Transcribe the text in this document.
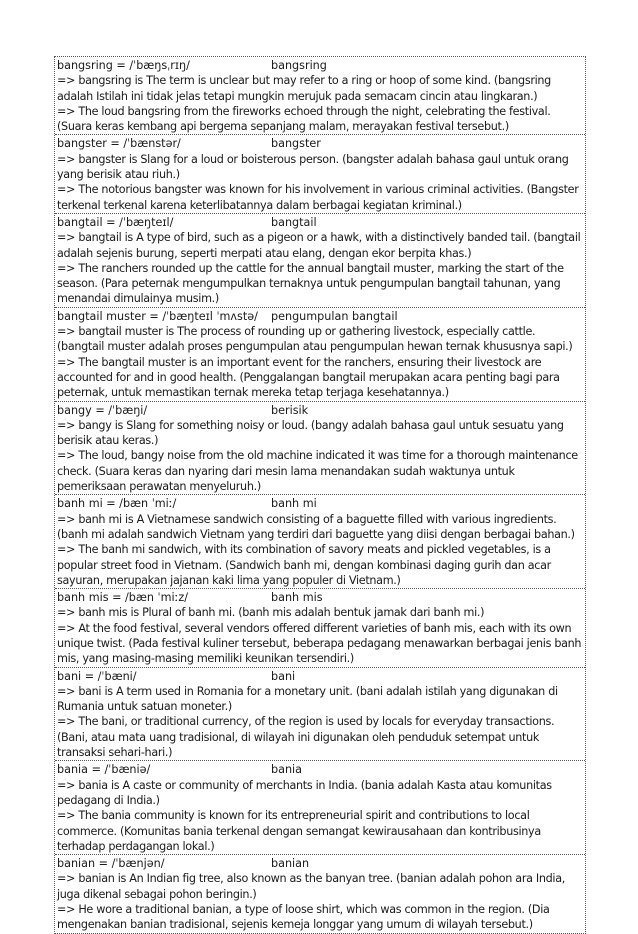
bangsring = /ˈbæŋsˌrɪŋ/	bangsring
=> bangsring is The term is unclear but may refer to a ring or hoop of some kind. (bangsring adalah Istilah ini tidak jelas tetapi mungkin merujuk pada semacam cincin atau lingkaran.)
=> The loud bangsring from the fireworks echoed through the night, celebrating the festival. (Suara keras kembang api bergema sepanjang malam, merayakan festival tersebut.)
bangster = /ˈbænstər/	bangster
=> bangster is Slang for a loud or boisterous person. (bangster adalah bahasa gaul untuk orang yang berisik atau riuh.)
=> The notorious bangster was known for his involvement in various criminal activities. (Bangster terkenal terkenal karena keterlibatannya dalam berbagai kegiatan kriminal.)
bangtail = /ˈbæŋteɪl/	bangtail
=> bangtail is A type of bird, such as a pigeon or a hawk, with a distinctively banded tail. (bangtail adalah sejenis burung, seperti merpati atau elang, dengan ekor berpita khas.)
=> The ranchers rounded up the cattle for the annual bangtail muster, marking the start of the season. (Para peternak mengumpulkan ternaknya untuk pengumpulan bangtail tahunan, yang menandai dimulainya musim.)
bangtail muster = /ˈbæŋteɪl ˈmʌstə/	pengumpulan bangtail
=> bangtail muster is The process of rounding up or gathering livestock, especially cattle. (bangtail muster adalah proses pengumpulan atau pengumpulan hewan ternak khususnya sapi.)
=> The bangtail muster is an important event for the ranchers, ensuring their livestock are accounted for and in good health. (Penggalangan bangtail merupakan acara penting bagi para peternak, untuk memastikan ternak mereka tetap terjaga kesehatannya.)
bangy = /ˈbæŋi/	berisik
=> bangy is Slang for something noisy or loud. (bangy adalah bahasa gaul untuk sesuatu yang berisik atau keras.)
=> The loud, bangy noise from the old machine indicated it was time for a thorough maintenance check. (Suara keras dan nyaring dari mesin lama menandakan sudah waktunya untuk pemeriksaan perawatan menyeluruh.)
banh mi = /bæn ˈmiː/	banh mi
=> banh mi is A Vietnamese sandwich consisting of a baguette filled with various ingredients. (banh mi adalah sandwich Vietnam yang terdiri dari baguette yang diisi dengan berbagai bahan.)
=> The banh mi sandwich, with its combination of savory meats and pickled vegetables, is a popular street food in Vietnam. (Sandwich banh mi, dengan kombinasi daging gurih dan acar sayuran, merupakan jajanan kaki lima yang populer di Vietnam.)
banh mis = /bæn ˈmiːz/	banh mis
=> banh mis is Plural of banh mi. (banh mis adalah bentuk jamak dari banh mi.)
=> At the food festival, several vendors offered different varieties of banh mis, each with its own unique twist. (Pada festival kuliner tersebut, beberapa pedagang menawarkan berbagai jenis banh mis, yang masing-masing memiliki keunikan tersendiri.)
bani = /ˈbæni/	bani
=> bani is A term used in Romania for a monetary unit. (bani adalah istilah yang digunakan di Rumania untuk satuan moneter.)
=> The bani, or traditional currency, of the region is used by locals for everyday transactions. (Bani, atau mata uang tradisional, di wilayah ini digunakan oleh penduduk setempat untuk transaksi sehari-hari.)
bania = /ˈbæniə/	bania
=> bania is A caste or community of merchants in India. (bania adalah Kasta atau komunitas pedagang di India.)
=> The bania community is known for its entrepreneurial spirit and contributions to local commerce. (Komunitas bania terkenal dengan semangat kewirausahaan dan kontribusinya terhadap perdagangan lokal.)
banian = /ˈbænjən/	banian
=> banian is An Indian fig tree, also known as the banyan tree. (banian adalah pohon ara India, juga dikenal sebagai pohon beringin.)
=> He wore a traditional banian, a type of loose shirt, which was common in the region. (Dia mengenakan banian tradisional, sejenis kemeja longgar yang umum di wilayah tersebut.)
